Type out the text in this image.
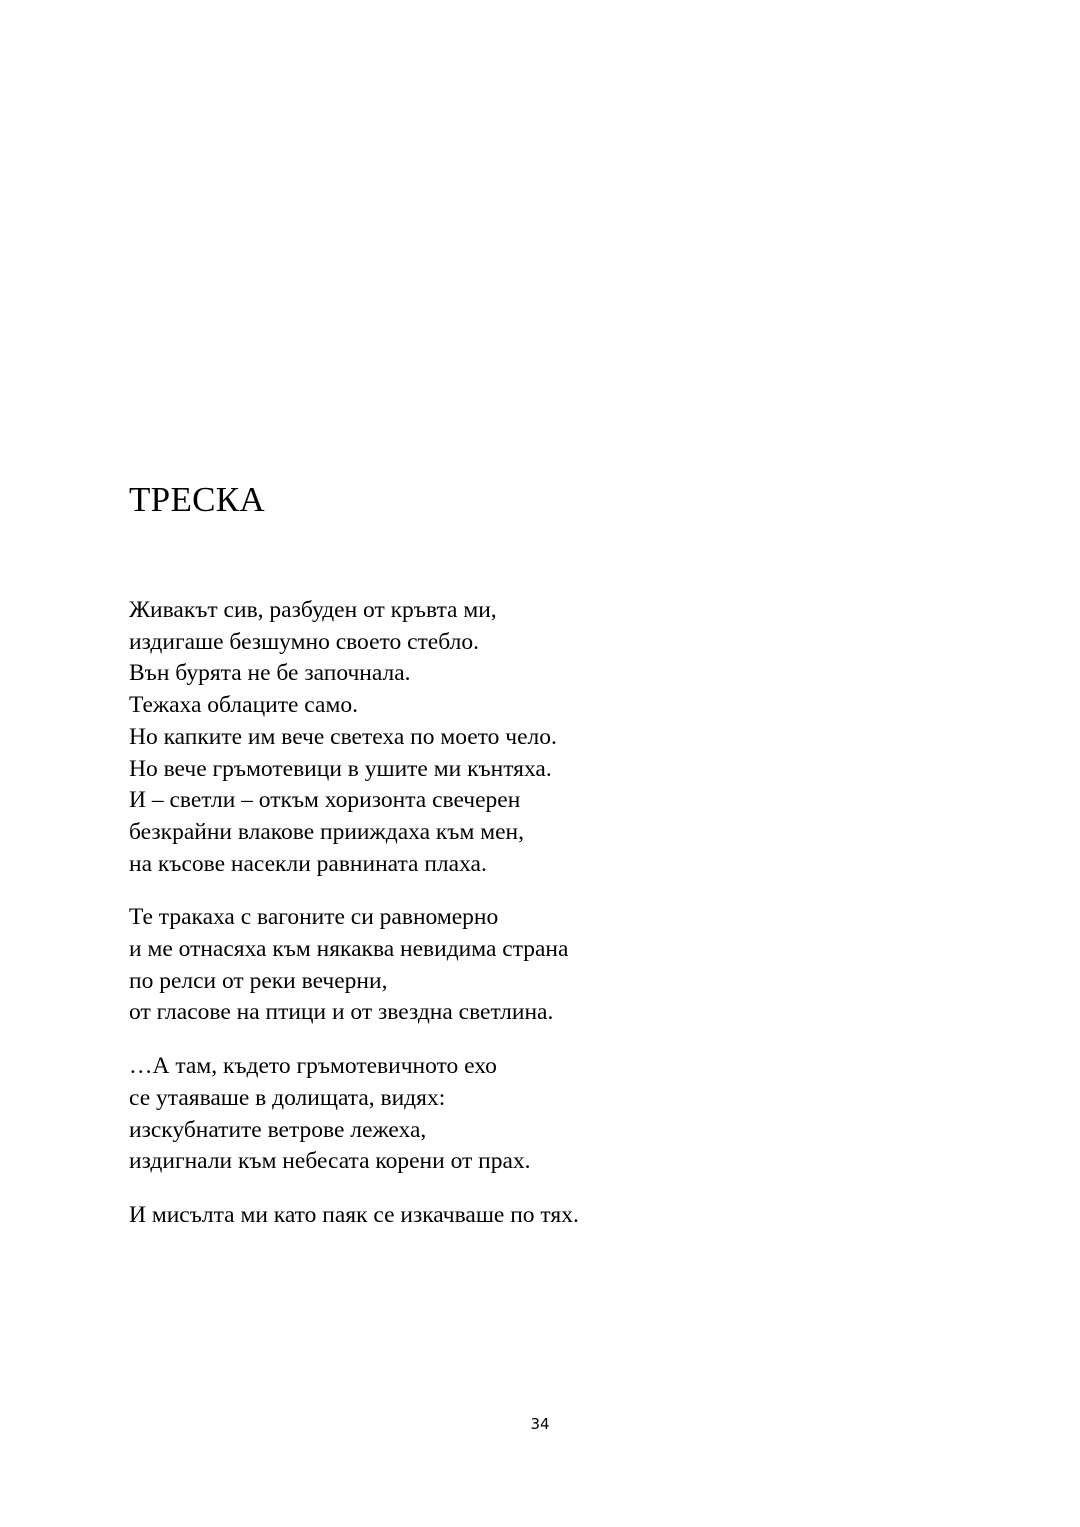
ТРЕСКА
Живакът сив, разбуден от кръвта ми,
издигаше безшумно своето стебло.
Вън бурята не бе започнала.
Тежаха облаците само.
Но капките им вече светеха по моето чело.
Но вече гръмотевици в ушите ми кънтяха.
И – светли – откъм хоризонта свечерен
безкрайни влакове прииждаха към мен,
на късове насекли равнината плаха.
Те тракаха с вагоните си равномерно
и ме отнасяха към някаква невидима страна
по релси от реки вечерни,
от гласове на птици и от звездна светлина.
…А там, където гръмотевичното ехо
се утаяваше в долищата, видях:
изскубнатите ветрове лежеха,
издигнали към небесата корени от прах.
И мисълта ми като паяк се изкачваше по тях.
34
